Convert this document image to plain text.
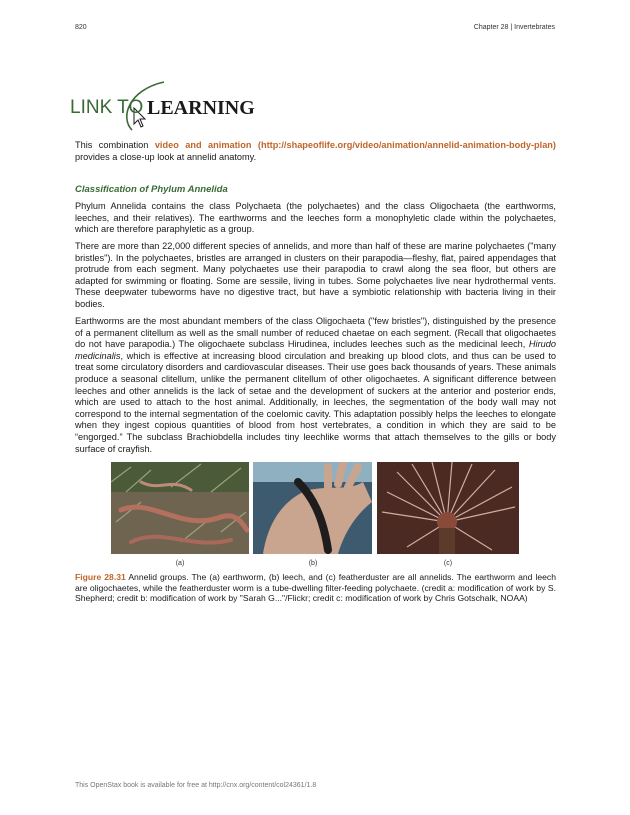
820	Chapter 28 | Invertebrates
LINK TO LEARNING

This combination video and animation (http://shapeoflife.org/video/animation/annelid-animation-body-plan) provides a close-up look at annelid anatomy.

Classification of Phylum Annelida

Phylum Annelida contains the class Polychaeta (the polychaetes) and the class Oligochaeta (the earthworms, leeches, and their relatives). The earthworms and the leeches form a monophyletic clade within the polychaetes, which are therefore paraphyletic as a group.

There are more than 22,000 different species of annelids, and more than half of these are marine polychaetes ("many bristles"). In the polychaetes, bristles are arranged in clusters on their parapodia—fleshy, flat, paired appendages that protrude from each segment. Many polychaetes use their parapodia to crawl along the sea floor, but others are adapted for swimming or floating. Some are sessile, living in tubes. Some polychaetes live near hydrothermal vents. These deepwater tubeworms have no digestive tract, but have a symbiotic relationship with bacteria living in their bodies.

Earthworms are the most abundant members of the class Oligochaeta ("few bristles"), distinguished by the presence of a permanent clitellum as well as the small number of reduced chaetae on each segment. (Recall that oligochaetes do not have parapodia.) The oligochaete subclass Hirudinea, includes leeches such as the medicinal leech, Hirudo medicinalis, which is effective at increasing blood circulation and breaking up blood clots, and thus can be used to treat some circulatory disorders and cardiovascular diseases. Their use goes back thousands of years. These animals produce a seasonal clitellum, unlike the permanent clitellum of other oligochaetes. A significant difference between leeches and other annelids is the lack of setae and the development of suckers at the anterior and posterior ends, which are used to attach to the host animal. Additionally, in leeches, the segmentation of the body wall may not correspond to the internal segmentation of the coelomic cavity. This adaptation possibly helps the leeches to elongate when they ingest copious quantities of blood from host vertebrates, a condition in which they are said to be “engorged.” The subclass Brachiobdella includes tiny leechlike worms that attach themselves to the gills or body surface of crayfish.

(a)	(b)	(c)

Figure 28.31 Annelid groups. The (a) earthworm, (b) leech, and (c) featherduster are all annelids. The earthworm and leech are oligochaetes, while the featherduster worm is a tube-dwelling filter-feeding polychaete. (credit a: modification of work by S. Shepherd; credit b: modification of work by "Sarah G..."/Flickr; credit c: modification of work by Chris Gotschalk, NOAA)

This OpenStax book is available for free at http://cnx.org/content/col24361/1.8
